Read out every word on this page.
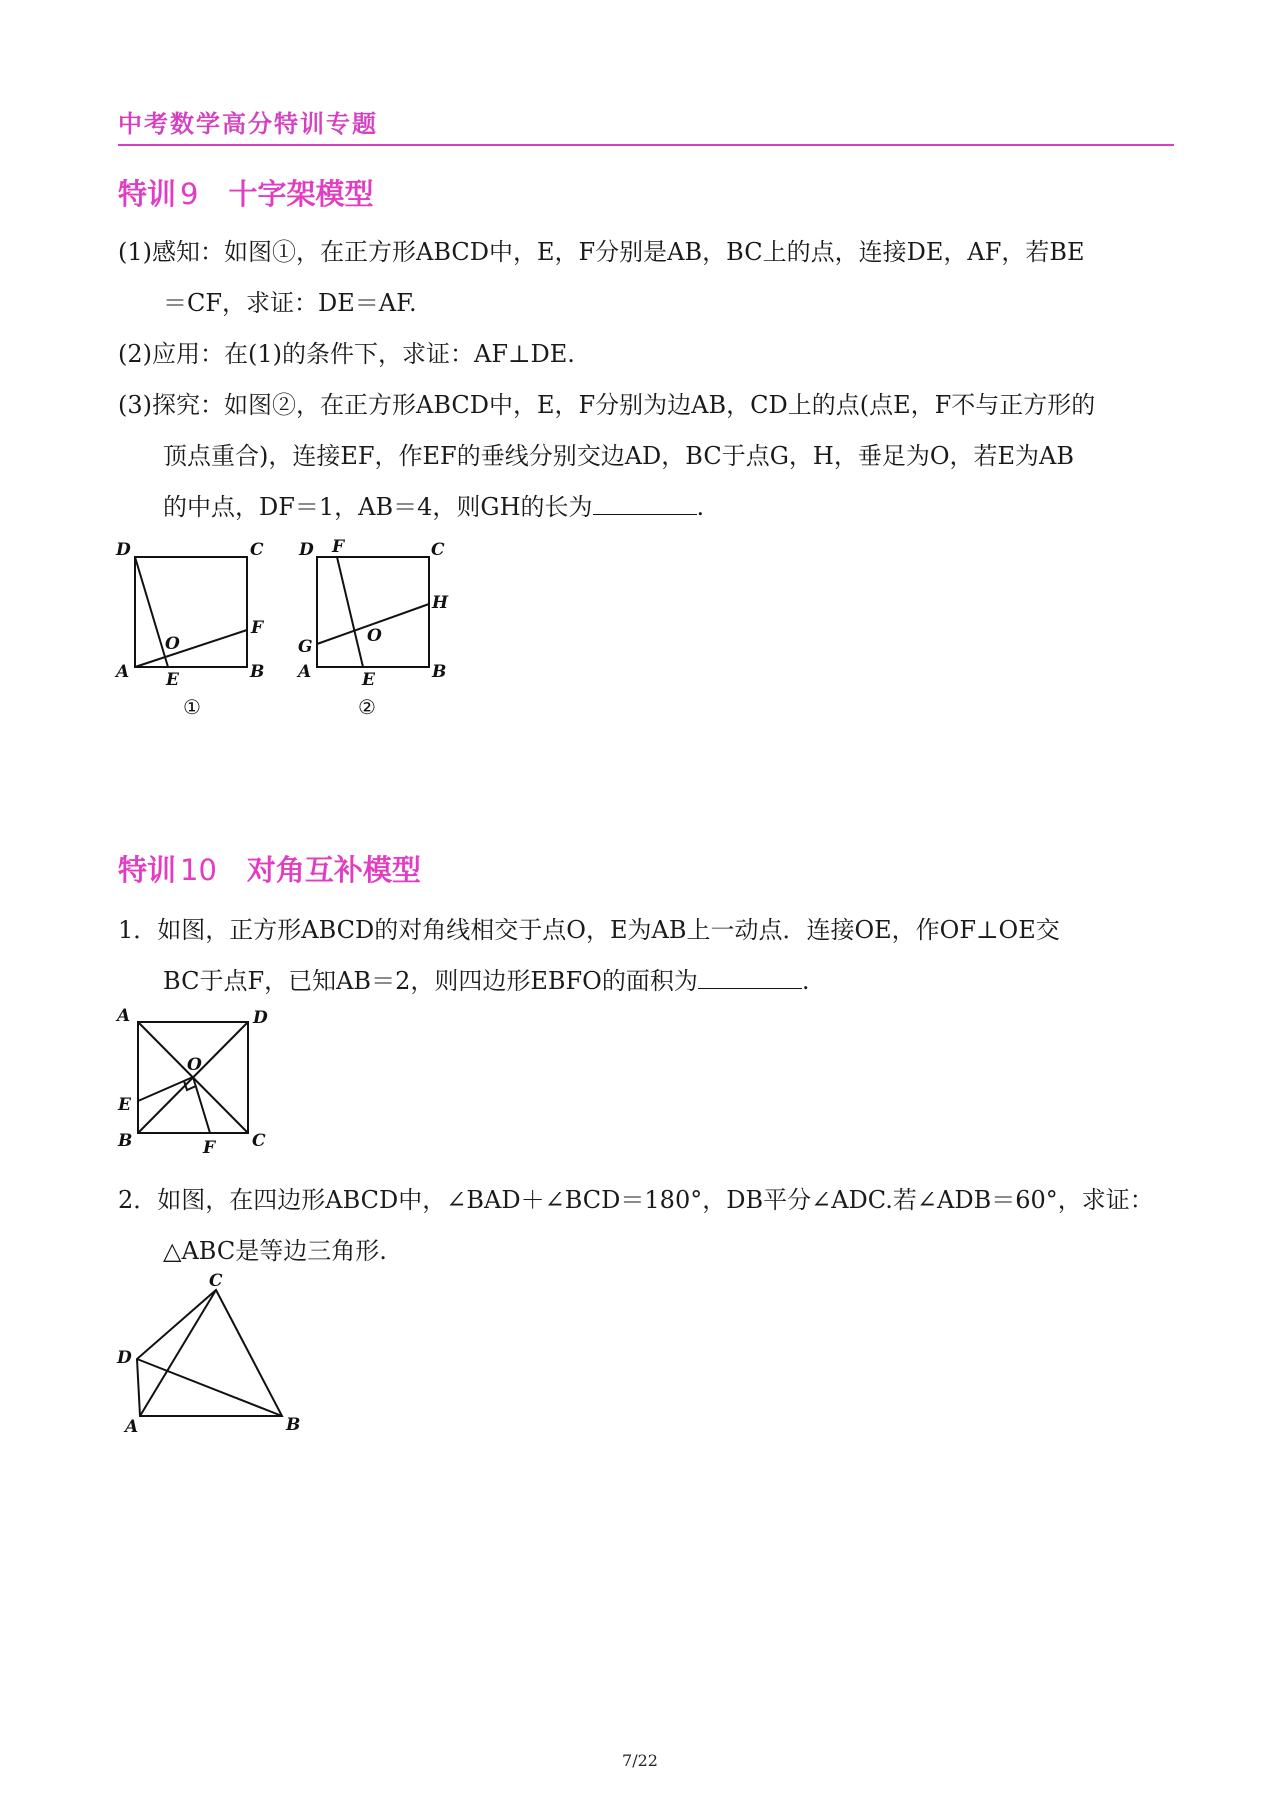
中考数学高分特训专题
特训 9 十字架模型
(1)感知：如图①，在正方形ABCD中，E，F分别是AB，BC上的点，连接DE，AF，若BE
＝CF，求证：DE＝AF.
(2)应用：在(1)的条件下，求证：AF⊥DE.
(3)探究：如图②，在正方形ABCD中，E，F分别为边AB，CD上的点(点E，F不与正方形的
顶点重合)，连接EF，作EF的垂线分别交边AD，BC于点G，H，垂足为O，若E为AB
的中点，DF＝1，AB＝4，则GH的长为	.
D	C
A	B
E
F
O
①
D F	C
H
G
O
A	E	B
②
特训 10 对角互补模型
1．如图，正方形ABCD的对角线相交于点O，E为AB上一动点．连接OE，作OF⊥OE交
BC于点F，已知AB＝2，则四边形EBFO的面积为	.
A	D
O
E
B	C
F
2．如图，在四边形ABCD中，∠BAD＋∠BCD＝180°，DB平分∠ADC.若∠ADB＝60°，求证：
△ABC是等边三角形.
C
D
A	B
7/22
